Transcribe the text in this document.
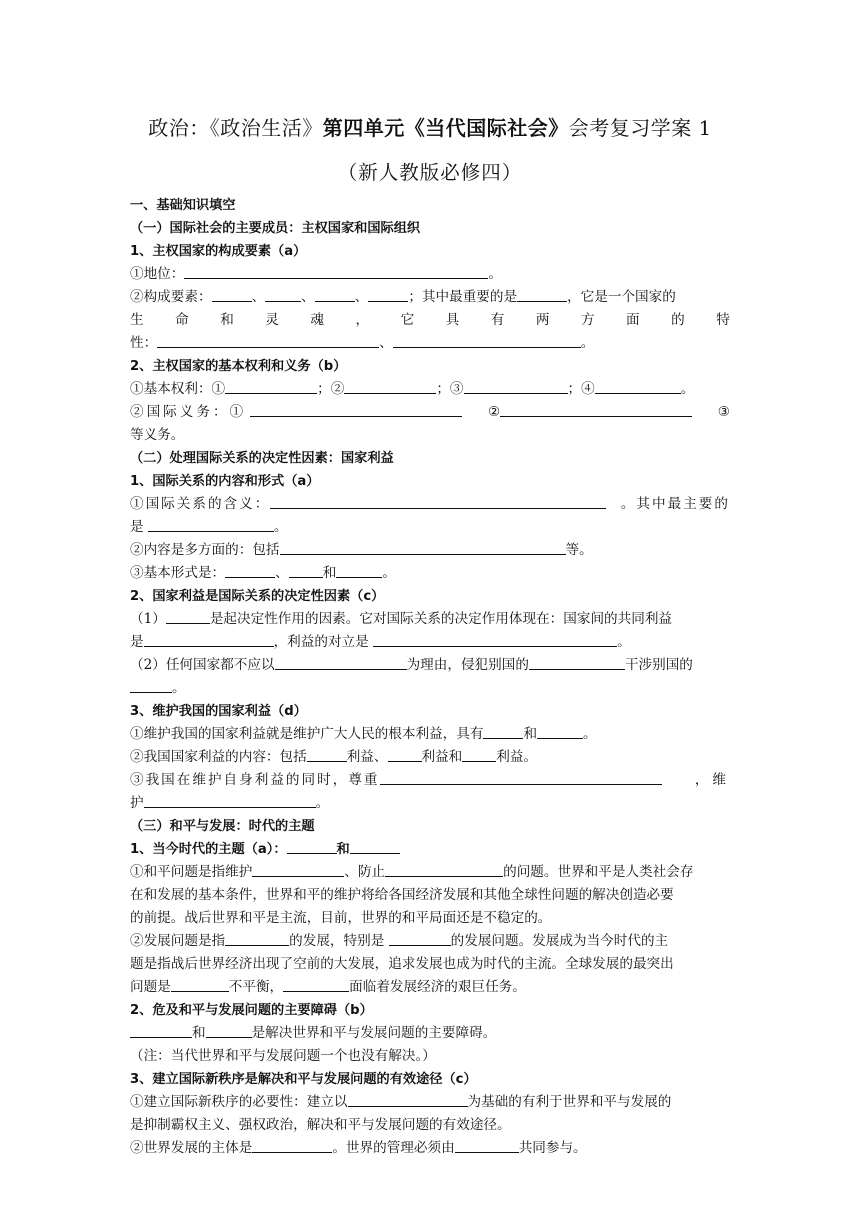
政治：《政治生活》第四单元《当代国际社会》会考复习学案 1
（新人教版必修四）
一、基础知识填空
（一）国际社会的主要成员：主权国家和国际组织
1、主权国家的构成要素（a）
①地位：	。
②构成要素：	、	、	、	；其中最重要的是	，它是一个国家的
生 命 和 灵 魂 ， 它 具 有 两 方 面 的 特
性：	、	。
2、主权国家的基本权利和义务（b）
①基本权利：①	；②	；③	；④	。
②国际义务：①	②	③
等义务。
（二）处理国际关系的决定性因素：国家利益
1、国际关系的内容和形式（a）
①国际关系的含义：	。其中最主要的
是	。
②内容是多方面的：包括	等。
③基本形式是：	、	和	。
2、国家利益是国际关系的决定性因素（c）
（1）	是起决定性作用的因素。它对国际关系的决定作用体现在：国家间的共同利益
是	，利益的对立是	。
（2）任何国家都不应以	为理由，侵犯别国的	干涉别国的
。
3、维护我国的国家利益（d）
①维护我国的国家利益就是维护广大人民的根本利益，具有	和	。
②我国国家利益的内容：包括	利益、	利益和	利益。
③我国在维护自身利益的同时，尊重	，维
护	。
（三）和平与发展：时代的主题
1、当今时代的主题（a）：	和
①和平问题是指维护	、防止	的问题。世界和平是人类社会存
在和发展的基本条件，世界和平的维护将给各国经济发展和其他全球性问题的解决创造必要
的前提。战后世界和平是主流，目前，世界的和平局面还是不稳定的。
②发展问题是指	的发展，特别是	的发展问题。发展成为当今时代的主
题是指战后世界经济出现了空前的大发展，追求发展也成为时代的主流。全球发展的最突出
问题是	不平衡，	面临着发展经济的艰巨任务。
2、危及和平与发展问题的主要障碍（b）
和	是解决世界和平与发展问题的主要障碍。
（注：当代世界和平与发展问题一个也没有解决。）
3、建立国际新秩序是解决和平与发展问题的有效途径（c）
①建立国际新秩序的必要性：建立以	为基础的有利于世界和平与发展的
是抑制霸权主义、强权政治，解决和平与发展问题的有效途径。
②世界发展的主体是	。世界的管理必须由	共同参与。
